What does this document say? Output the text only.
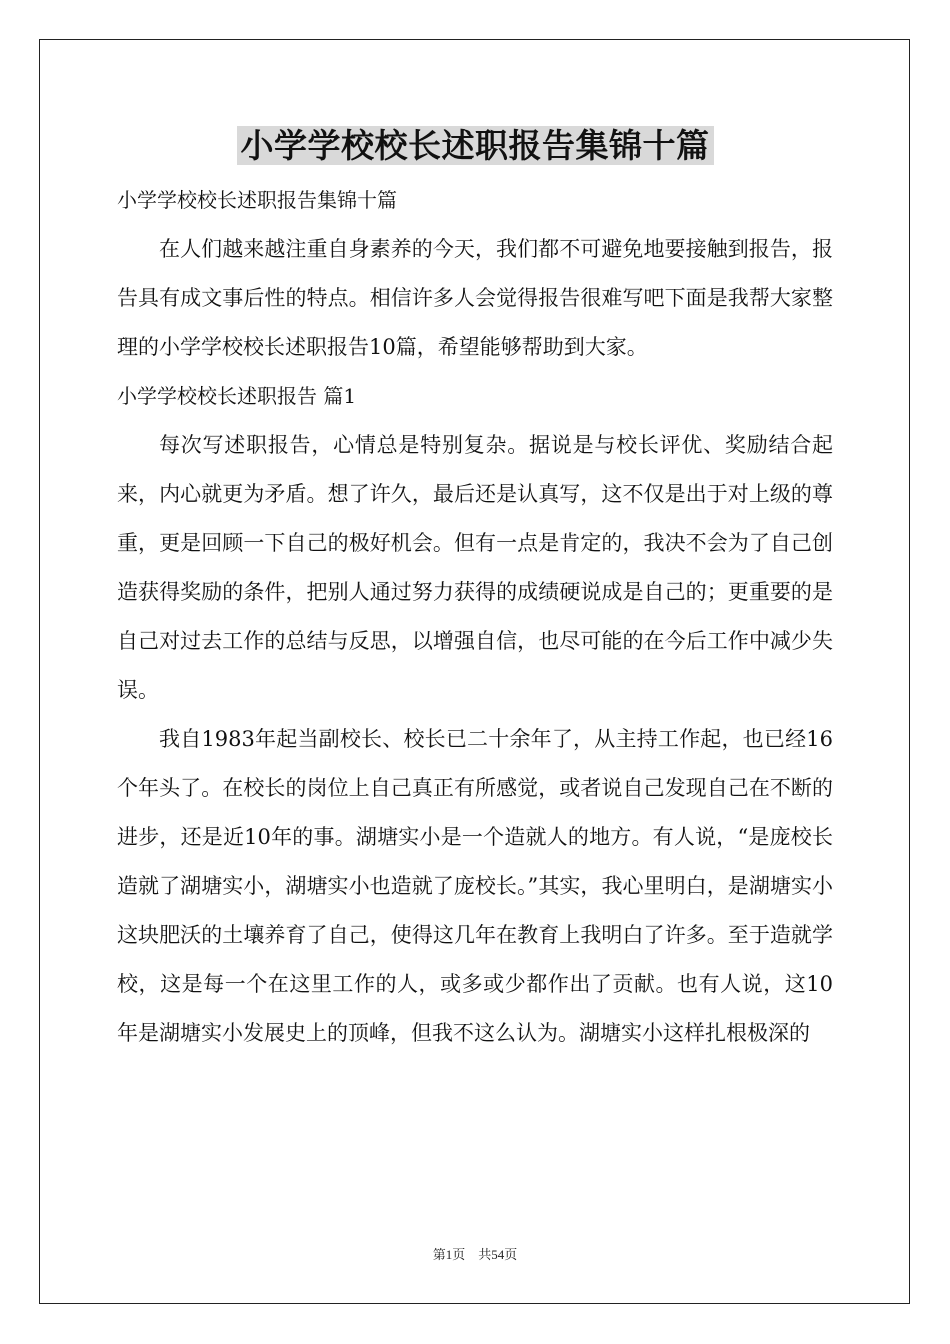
小学学校校长述职报告集锦十篇

小学学校校长述职报告集锦十篇

在人们越来越注重自身素养的今天，我们都不可避免地要接触到报告，报告具有成文事后性的特点。相信许多人会觉得报告很难写吧下面是我帮大家整理的小学学校校长述职报告10篇，希望能够帮助到大家。

小学学校校长述职报告 篇1

每次写述职报告，心情总是特别复杂。据说是与校长评优、奖励结合起来，内心就更为矛盾。想了许久，最后还是认真写，这不仅是出于对上级的尊重，更是回顾一下自己的极好机会。但有一点是肯定的，我决不会为了自己创造获得奖励的条件，把别人通过努力获得的成绩硬说成是自己的；更重要的是自己对过去工作的总结与反思，以增强自信，也尽可能的在今后工作中减少失误。

我自1983年起当副校长、校长已二十余年了，从主持工作起，也已经16个年头了。在校长的岗位上自己真正有所感觉，或者说自己发现自己在不断的进步，还是近10年的事。湖塘实小是一个造就人的地方。有人说，“是庞校长造就了湖塘实小，湖塘实小也造就了庞校长。”其实，我心里明白，是湖塘实小这块肥沃的土壤养育了自己，使得这几年在教育上我明白了许多。至于造就学校，这是每一个在这里工作的人，或多或少都作出了贡献。也有人说，这10年是湖塘实小发展史上的顶峰，但我不这么认为。湖塘实小这样扎根极深的

第1页　共54页
